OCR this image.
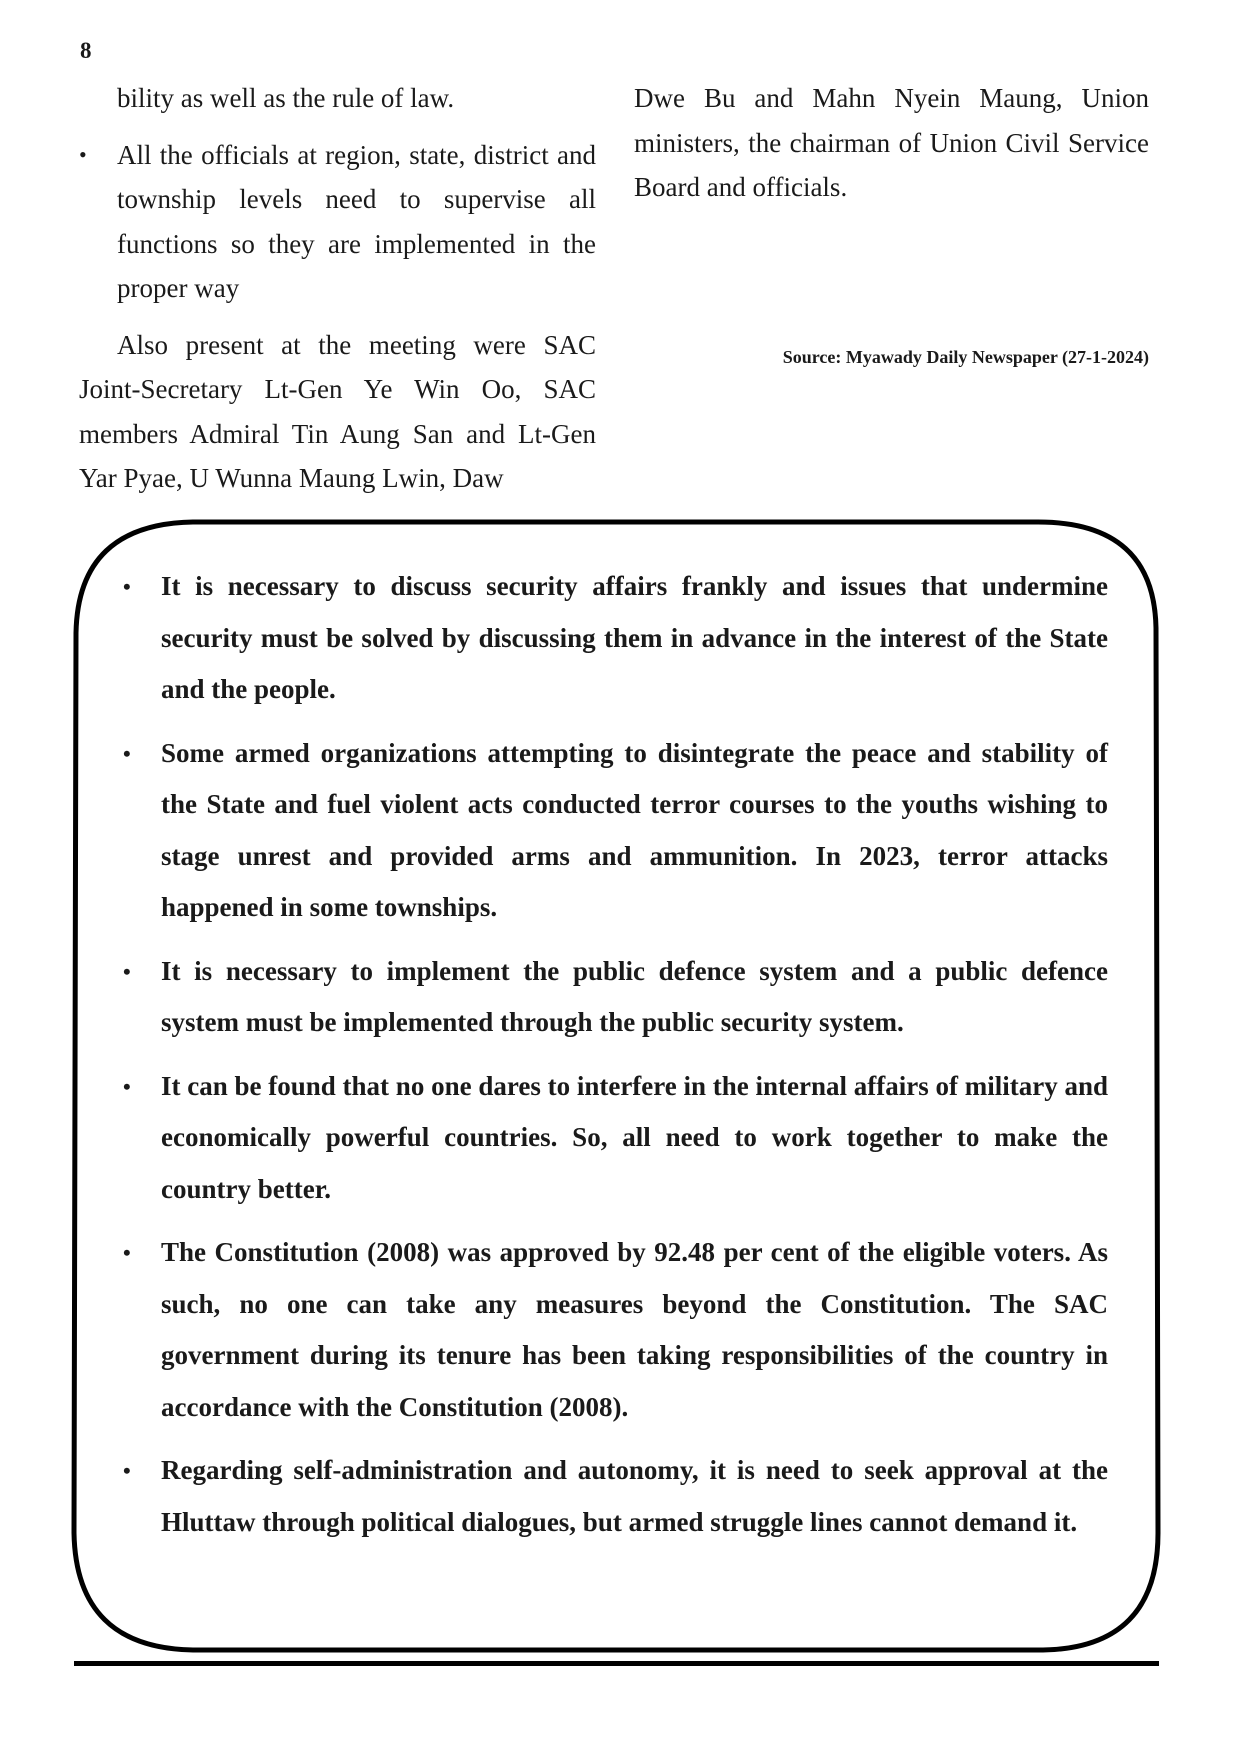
8

bility as well as the rule of law.

•	All the officials at region, state, district and township levels need to supervise all functions so they are implemented in the proper way

Also present at the meeting were SAC Joint-Secretary Lt-Gen Ye Win Oo, SAC members Admiral Tin Aung San and Lt-Gen Yar Pyae, U Wunna Maung Lwin, Daw

Dwe Bu and Mahn Nyein Maung, Union ministers, the chairman of Union Civil Service Board and officials.

Source: Myawady Daily Newspaper (27-1-2024)
• It is necessary to discuss security affairs frankly and issues that undermine security must be solved by discussing them in advance in the interest of the State and the people.
• Some armed organizations attempting to disintegrate the peace and stability of the State and fuel violent acts conducted terror courses to the youths wishing to stage unrest and provided arms and ammunition. In 2023, terror attacks happened in some townships.
• It is necessary to implement the public defence system and a public defence system must be implemented through the public security system.
• It can be found that no one dares to interfere in the internal affairs of military and economically powerful countries. So, all need to work together to make the country better.
• The Constitution (2008) was approved by 92.48 per cent of the eligible voters. As such, no one can take any measures beyond the Constitution. The SAC government during its tenure has been taking responsibilities of the country in accordance with the Constitution (2008).
• Regarding self-administration and autonomy, it is need to seek approval at the Hluttaw through political dialogues, but armed struggle lines cannot demand it.
